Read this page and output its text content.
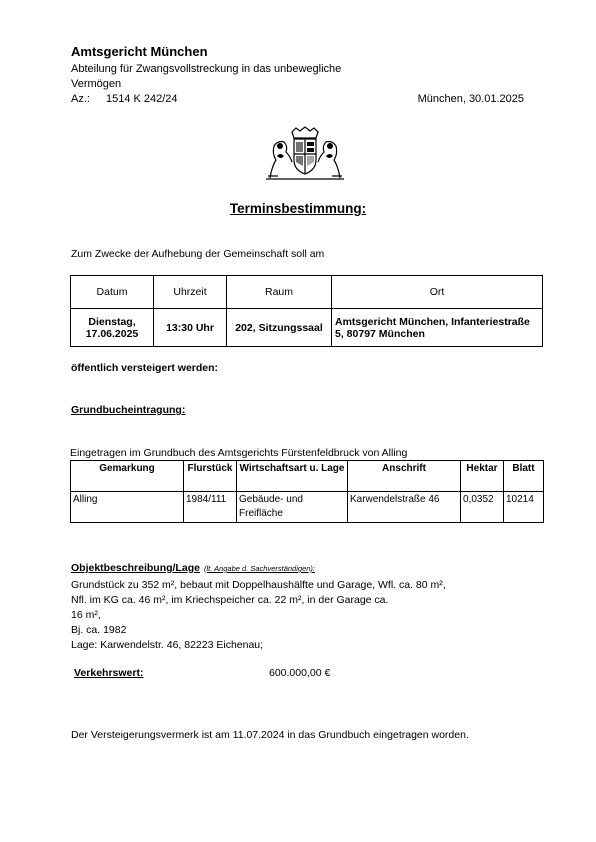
Amtsgericht München
Abteilung für Zwangsvollstreckung in das unbewegliche Vermögen
Az.: 1514 K 242/24	München, 30.01.2025
Terminsbestimmung:
Zum Zwecke der Aufhebung der Gemeinschaft soll am
Datum	Uhrzeit	Raum	Ort
Dienstag, 17.06.2025	13:30 Uhr	202, Sitzungssaal	Amtsgericht München, Infanteriestraße 5, 80797 München
öffentlich versteigert werden:
Grundbucheintragung:
Eingetragen im Grundbuch des Amtsgerichts Fürstenfeldbruck von Alling
Gemarkung	Flurstück	Wirtschaftsart u. Lage	Anschrift	Hektar	Blatt
Alling	1984/111	Gebäude- und Freifläche	Karwendelstraße 46	0,0352	10214
Objektbeschreibung/Lage (lt. Angabe d. Sachverständigen):
Grundstück zu 352 m², bebaut mit Doppelhaushälfte und Garage, Wfl. ca. 80 m²,
Nfl. im KG ca. 46 m², im Kriechspeicher ca. 22 m², in der Garage ca.
16 m²,
Bj. ca. 1982
Lage: Karwendelstr. 46, 82223 Eichenau;
Verkehrswert:	600.000,00 €
Der Versteigerungsvermerk ist am 11.07.2024 in das Grundbuch eingetragen worden.
